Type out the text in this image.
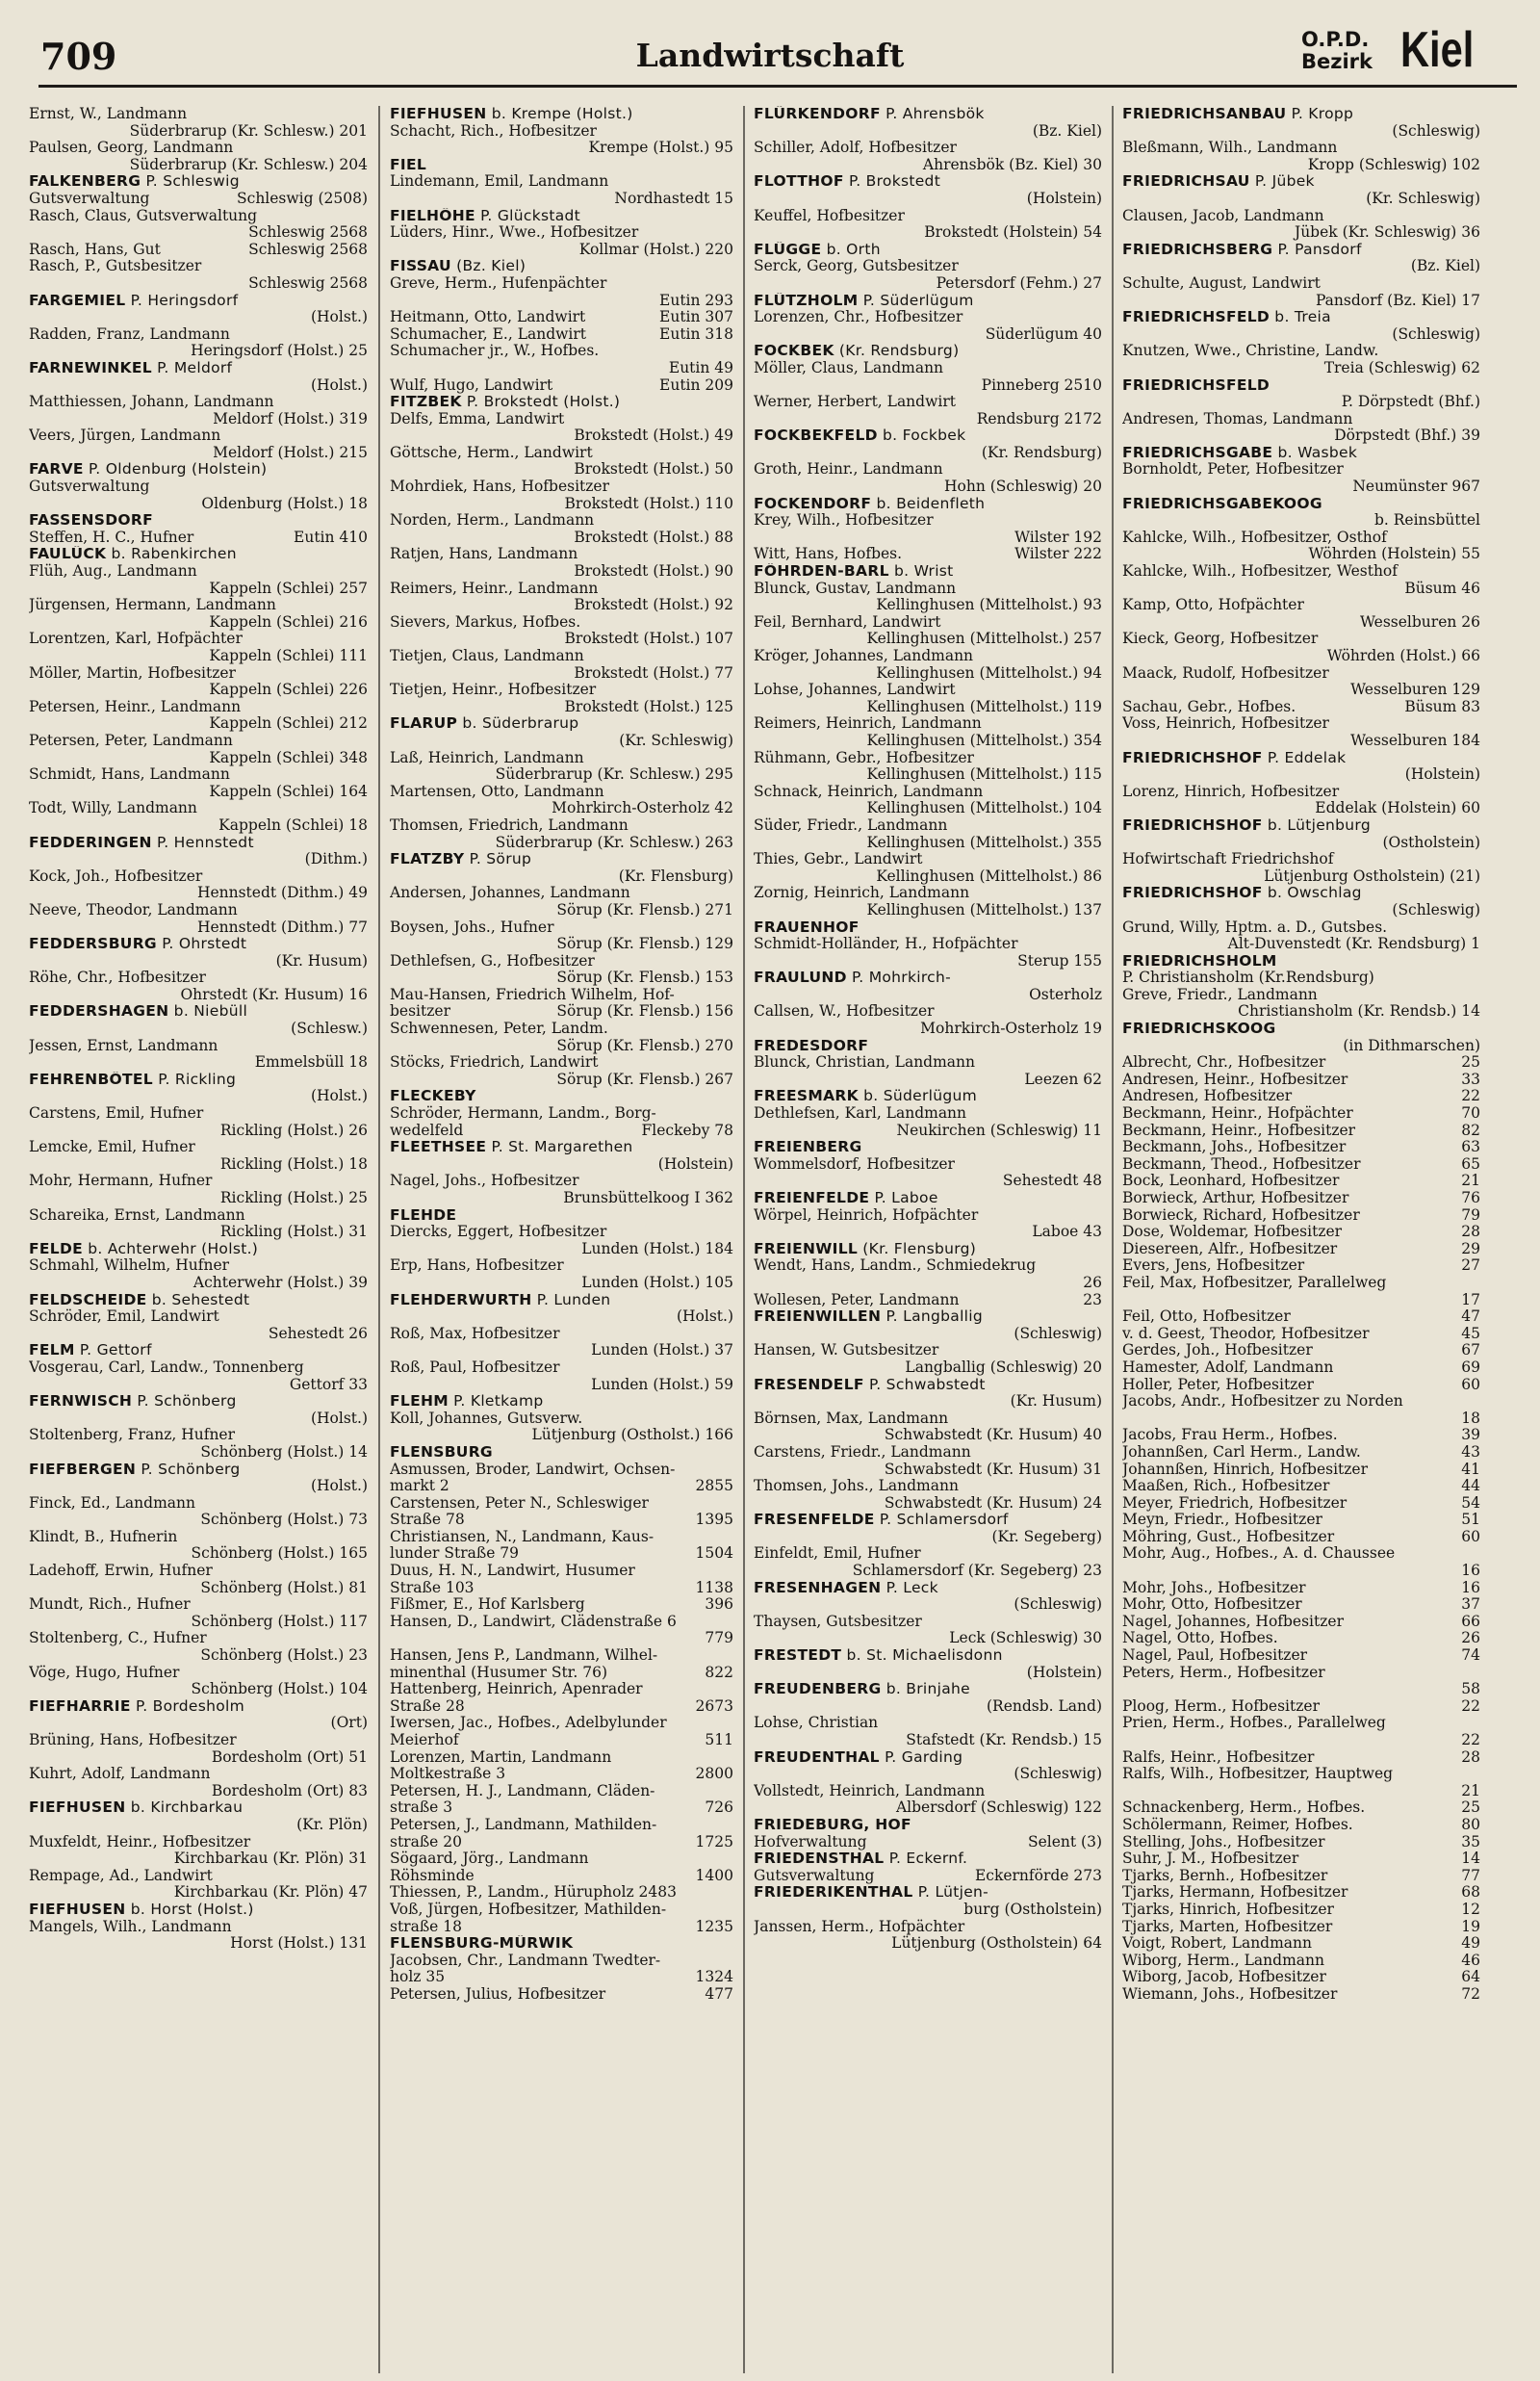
709	Landwirtschaft	O.P.D.
Bezirk Kiel
Ernst, W., Landmann
Süderbrarup (Kr. Schlesw.) 201
Paulsen, Georg, Landmann
Süderbrarup (Kr. Schlesw.) 204
FALKENBERG P. Schleswig
Gutsverwaltung	Schleswig (2508)
Rasch, Claus, Gutsverwaltung
Schleswig 2568
Rasch, Hans, Gut	Schleswig 2568
Rasch, P., Gutsbesitzer
Schleswig 2568
FARGEMIEL P. Heringsdorf
(Holst.)
Radden, Franz, Landmann
Heringsdorf (Holst.) 25
FARNEWINKEL P. Meldorf
(Holst.)
Matthiessen, Johann, Landmann
Meldorf (Holst.) 319
Veers, Jürgen, Landmann
Meldorf (Holst.) 215
FARVE P. Oldenburg (Holstein)
Gutsverwaltung
Oldenburg (Holst.) 18
FASSENSDORF
Steffen, H. C., Hufner	Eutin 410
FAULÜCK b. Rabenkirchen
Flüh, Aug., Landmann
Kappeln (Schlei) 257
Jürgensen, Hermann, Landmann
Kappeln (Schlei) 216
Lorentzen, Karl, Hofpächter
Kappeln (Schlei) 111
Möller, Martin, Hofbesitzer
Kappeln (Schlei) 226
Petersen, Heinr., Landmann
Kappeln (Schlei) 212
Petersen, Peter, Landmann
Kappeln (Schlei) 348
Schmidt, Hans, Landmann
Kappeln (Schlei) 164
Todt, Willy, Landmann
Kappeln (Schlei) 18
FEDDERINGEN P. Hennstedt
(Dithm.)
Kock, Joh., Hofbesitzer
Hennstedt (Dithm.) 49
Neeve, Theodor, Landmann
Hennstedt (Dithm.) 77
FEDDERSBURG P. Ohrstedt
(Kr. Husum)
Röhe, Chr., Hofbesitzer
Ohrstedt (Kr. Husum) 16
FEDDERSHAGEN b. Niebüll
(Schlesw.)
Jessen, Ernst, Landmann
Emmelsbüll 18
FEHRENBÖTEL P. Rickling
(Holst.)
Carstens, Emil, Hufner
Rickling (Holst.) 26
Lemcke, Emil, Hufner
Rickling (Holst.) 18
Mohr, Hermann, Hufner
Rickling (Holst.) 25
Schareika, Ernst, Landmann
Rickling (Holst.) 31
FELDE b. Achterwehr (Holst.)
Schmahl, Wilhelm, Hufner
Achterwehr (Holst.) 39
FELDSCHEIDE b. Sehestedt
Schröder, Emil, Landwirt
Sehestedt 26
FELM P. Gettorf
Vosgerau, Carl, Landw., Tonnenberg
Gettorf 33
FERNWISCH P. Schönberg
(Holst.)
Stoltenberg, Franz, Hufner
Schönberg (Holst.) 14
FIEFBERGEN P. Schönberg
(Holst.)
Finck, Ed., Landmann
Schönberg (Holst.) 73
Klindt, B., Hufnerin
Schönberg (Holst.) 165
Ladehoff, Erwin, Hufner
Schönberg (Holst.) 81
Mundt, Rich., Hufner
Schönberg (Holst.) 117
Stoltenberg, C., Hufner
Schönberg (Holst.) 23
Vöge, Hugo, Hufner
Schönberg (Holst.) 104
FIEFHARRIE P. Bordesholm
(Ort)
Brüning, Hans, Hofbesitzer
Bordesholm (Ort) 51
Kuhrt, Adolf, Landmann
Bordesholm (Ort) 83
FIEFHUSEN b. Kirchbarkau
(Kr. Plön)
Muxfeldt, Heinr., Hofbesitzer
Kirchbarkau (Kr. Plön) 31
Rempage, Ad., Landwirt
Kirchbarkau (Kr. Plön) 47
FIEFHUSEN b. Horst (Holst.)
Mangels, Wilh., Landmann
Horst (Holst.) 131
FIEFHUSEN b. Krempe (Holst.)
Schacht, Rich., Hofbesitzer
Krempe (Holst.) 95
FIEL
Lindemann, Emil, Landmann
Nordhastedt 15
FIELHÖHE P. Glückstadt
Lüders, Hinr., Wwe., Hofbesitzer
Kollmar (Holst.) 220
FISSAU (Bz. Kiel)
Greve, Herm., Hufenpächter
Eutin 293
Heitmann, Otto, Landwirt	Eutin 307
Schumacher, E., Landwirt	Eutin 318
Schumacher jr., W., Hofbes.
Eutin 49
Wulf, Hugo, Landwirt	Eutin 209
FITZBEK P. Brokstedt (Holst.)
Delfs, Emma, Landwirt
Brokstedt (Holst.) 49
Göttsche, Herm., Landwirt
Brokstedt (Holst.) 50
Mohrdiek, Hans, Hofbesitzer
Brokstedt (Holst.) 110
Norden, Herm., Landmann
Brokstedt (Holst.) 88
Ratjen, Hans, Landmann
Brokstedt (Holst.) 90
Reimers, Heinr., Landmann
Brokstedt (Holst.) 92
Sievers, Markus, Hofbes.
Brokstedt (Holst.) 107
Tietjen, Claus, Landmann
Brokstedt (Holst.) 77
Tietjen, Heinr., Hofbesitzer
Brokstedt (Holst.) 125
FLARUP b. Süderbrarup
(Kr. Schleswig)
Laß, Heinrich, Landmann
Süderbrarup (Kr. Schlesw.) 295
Martensen, Otto, Landmann
Mohrkirch-Osterholz 42
Thomsen, Friedrich, Landmann
Süderbrarup (Kr. Schlesw.) 263
FLATZBY P. Sörup
(Kr. Flensburg)
Andersen, Johannes, Landmann
Sörup (Kr. Flensb.) 271
Boysen, Johs., Hufner
Sörup (Kr. Flensb.) 129
Dethlefsen, G., Hofbesitzer
Sörup (Kr. Flensb.) 153
Mau-Hansen, Friedrich Wilhelm, Hof-
besitzer	Sörup (Kr. Flensb.) 156
Schwennesen, Peter, Landm.
Sörup (Kr. Flensb.) 270
Stöcks, Friedrich, Landwirt
Sörup (Kr. Flensb.) 267
FLECKEBY
Schröder, Hermann, Landm., Borg-
wedelfeld	Fleckeby 78
FLEETHSEE P. St. Margarethen
(Holstein)
Nagel, Johs., Hofbesitzer
Brunsbüttelkoog I 362
FLEHDE
Diercks, Eggert, Hofbesitzer
Lunden (Holst.) 184
Erp, Hans, Hofbesitzer
Lunden (Holst.) 105
FLEHDERWURTH P. Lunden
(Holst.)
Roß, Max, Hofbesitzer
Lunden (Holst.) 37
Roß, Paul, Hofbesitzer
Lunden (Holst.) 59
FLEHM P. Kletkamp
Koll, Johannes, Gutsverw.
Lütjenburg (Ostholst.) 166
FLENSBURG
Asmussen, Broder, Landwirt, Ochsen-
markt 2	2855
Carstensen, Peter N., Schleswiger
Straße 78	1395
Christiansen, N., Landmann, Kaus-
lunder Straße 79	1504
Duus, H. N., Landwirt, Husumer
Straße 103	1138
Fißmer, E., Hof Karlsberg	396
Hansen, D., Landwirt, Clädenstraße 6
779
Hansen, Jens P., Landmann, Wilhel-
minenthal (Husumer Str. 76)	822
Hattenberg, Heinrich, Apenrader
Straße 28	2673
Iwersen, Jac., Hofbes., Adelbylunder
Meierhof	511
Lorenzen, Martin, Landmann
Moltkestraße 3	2800
Petersen, H. J., Landmann, Cläden-
straße 3	726
Petersen, J., Landmann, Mathilden-
straße 20	1725
Sögaard, Jörg., Landmann
Röhsminde	1400
Thiessen, P., Landm., Hürupholz 2483
Voß, Jürgen, Hofbesitzer, Mathilden-
straße 18	1235
FLENSBURG-MÜRWIK
Jacobsen, Chr., Landmann Twedter-
holz 35	1324
Petersen, Julius, Hofbesitzer	477
FLÜRKENDORF P. Ahrensbök
(Bz. Kiel)
Schiller, Adolf, Hofbesitzer
Ahrensbök (Bz. Kiel) 30
FLOTTHOF P. Brokstedt
(Holstein)
Keuffel, Hofbesitzer
Brokstedt (Holstein) 54
FLÜGGE b. Orth
Serck, Georg, Gutsbesitzer
Petersdorf (Fehm.) 27
FLÜTZHOLM P. Süderlügum
Lorenzen, Chr., Hofbesitzer
Süderlügum 40
FOCKBEK (Kr. Rendsburg)
Möller, Claus, Landmann
Pinneberg 2510
Werner, Herbert, Landwirt
Rendsburg 2172
FOCKBEKFELD b. Fockbek
(Kr. Rendsburg)
Groth, Heinr., Landmann
Hohn (Schleswig) 20
FOCKENDORF b. Beidenfleth
Krey, Wilh., Hofbesitzer
Wilster 192
Witt, Hans, Hofbes.	Wilster 222
FÖHRDEN-BARL b. Wrist
Blunck, Gustav, Landmann
Kellinghusen (Mittelholst.) 93
Feil, Bernhard, Landwirt
Kellinghusen (Mittelholst.) 257
Kröger, Johannes, Landmann
Kellinghusen (Mittelholst.) 94
Lohse, Johannes, Landwirt
Kellinghusen (Mittelholst.) 119
Reimers, Heinrich, Landmann
Kellinghusen (Mittelholst.) 354
Rühmann, Gebr., Hofbesitzer
Kellinghusen (Mittelholst.) 115
Schnack, Heinrich, Landmann
Kellinghusen (Mittelholst.) 104
Süder, Friedr., Landmann
Kellinghusen (Mittelholst.) 355
Thies, Gebr., Landwirt
Kellinghusen (Mittelholst.) 86
Zornig, Heinrich, Landmann
Kellinghusen (Mittelholst.) 137
FRAUENHOF
Schmidt-Holländer, H., Hofpächter
Sterup 155
FRAULUND P. Mohrkirch-
Osterholz
Callsen, W., Hofbesitzer
Mohrkirch-Osterholz 19
FREDESDORF
Blunck, Christian, Landmann
Leezen 62
FREESMARK b. Süderlügum
Dethlefsen, Karl, Landmann
Neukirchen (Schleswig) 11
FREIENBERG
Wommelsdorf, Hofbesitzer
Sehestedt 48
FREIENFELDE P. Laboe
Wörpel, Heinrich, Hofpächter
Laboe 43
FREIENWILL (Kr. Flensburg)
Wendt, Hans, Landm., Schmiedekrug
26
Wollesen, Peter, Landmann	23
FREIENWILLEN P. Langballig
(Schleswig)
Hansen, W. Gutsbesitzer
Langballig (Schleswig) 20
FRESENDELF P. Schwabstedt
(Kr. Husum)
Börnsen, Max, Landmann
Schwabstedt (Kr. Husum) 40
Carstens, Friedr., Landmann
Schwabstedt (Kr. Husum) 31
Thomsen, Johs., Landmann
Schwabstedt (Kr. Husum) 24
FRESENFELDE P. Schlamersdorf
(Kr. Segeberg)
Einfeldt, Emil, Hufner
Schlamersdorf (Kr. Segeberg) 23
FRESENHAGEN P. Leck
(Schleswig)
Thaysen, Gutsbesitzer
Leck (Schleswig) 30
FRESTEDT b. St. Michaelisdonn
(Holstein)
FREUDENBERG b. Brinjahe
(Rendsb. Land)
Lohse, Christian
Stafstedt (Kr. Rendsb.) 15
FREUDENTHAL P. Garding
(Schleswig)
Vollstedt, Heinrich, Landmann
Albersdorf (Schleswig) 122
FRIEDEBURG, HOF
Hofverwaltung	Selent (3)
FRIEDENSTHAL P. Eckernf.
Gutsverwaltung	Eckernförde 273
FRIEDERIKENTHAL P. Lütjen-
burg (Ostholstein)
Janssen, Herm., Hofpächter
Lütjenburg (Ostholstein) 64
FRIEDRICHSANBAU P. Kropp
(Schleswig)
Bleßmann, Wilh., Landmann
Kropp (Schleswig) 102
FRIEDRICHSAU P. Jübek
(Kr. Schleswig)
Clausen, Jacob, Landmann
Jübek (Kr. Schleswig) 36
FRIEDRICHSBERG P. Pansdorf
(Bz. Kiel)
Schulte, August, Landwirt
Pansdorf (Bz. Kiel) 17
FRIEDRICHSFELD b. Treia
(Schleswig)
Knutzen, Wwe., Christine, Landw.
Treia (Schleswig) 62
FRIEDRICHSFELD
P. Dörpstedt (Bhf.)
Andresen, Thomas, Landmann
Dörpstedt (Bhf.) 39
FRIEDRICHSGABE b. Wasbek
Bornholdt, Peter, Hofbesitzer
Neumünster 967
FRIEDRICHSGABEKOOG
b. Reinsbüttel
Kahlcke, Wilh., Hofbesitzer, Osthof
Wöhrden (Holstein) 55
Kahlcke, Wilh., Hofbesitzer, Westhof
Büsum 46
Kamp, Otto, Hofpächter
Wesselburen 26
Kieck, Georg, Hofbesitzer
Wöhrden (Holst.) 66
Maack, Rudolf, Hofbesitzer
Wesselburen 129
Sachau, Gebr., Hofbes.	Büsum 83
Voss, Heinrich, Hofbesitzer
Wesselburen 184
FRIEDRICHSHOF P. Eddelak
(Holstein)
Lorenz, Hinrich, Hofbesitzer
Eddelak (Holstein) 60
FRIEDRICHSHOF b. Lütjenburg
(Ostholstein)
Hofwirtschaft Friedrichshof
Lütjenburg Ostholstein) (21)
FRIEDRICHSHOF b. Owschlag
(Schleswig)
Grund, Willy, Hptm. a. D., Gutsbes.
Alt-Duvenstedt (Kr. Rendsburg) 1
FRIEDRICHSHOLM
P. Christiansholm (Kr.Rendsburg)
Greve, Friedr., Landmann
Christiansholm (Kr. Rendsb.) 14
FRIEDRICHSKOOG
(in Dithmarschen)
Albrecht, Chr., Hofbesitzer	25
Andresen, Heinr., Hofbesitzer	33
Andresen, Hofbesitzer	22
Beckmann, Heinr., Hofpächter	70
Beckmann, Heinr., Hofbesitzer	82
Beckmann, Johs., Hofbesitzer	63
Beckmann, Theod., Hofbesitzer	65
Bock, Leonhard, Hofbesitzer	21
Borwieck, Arthur, Hofbesitzer	76
Borwieck, Richard, Hofbesitzer	79
Dose, Woldemar, Hofbesitzer	28
Diesereen, Alfr., Hofbesitzer	29
Evers, Jens, Hofbesitzer	27
Feil, Max, Hofbesitzer, Parallelweg
17
Feil, Otto, Hofbesitzer	47
v. d. Geest, Theodor, Hofbesitzer	45
Gerdes, Joh., Hofbesitzer	67
Hamester, Adolf, Landmann	69
Holler, Peter, Hofbesitzer	60
Jacobs, Andr., Hofbesitzer zu Norden
18
Jacobs, Frau Herm., Hofbes.	39
Johannßen, Carl Herm., Landw.	43
Johannßen, Hinrich, Hofbesitzer	41
Maaßen, Rich., Hofbesitzer	44
Meyer, Friedrich, Hofbesitzer	54
Meyn, Friedr., Hofbesitzer	51
Möhring, Gust., Hofbesitzer	60
Mohr, Aug., Hofbes., A. d. Chaussee
16
Mohr, Johs., Hofbesitzer	16
Mohr, Otto, Hofbesitzer	37
Nagel, Johannes, Hofbesitzer	66
Nagel, Otto, Hofbes.	26
Nagel, Paul, Hofbesitzer	74
Peters, Herm., Hofbesitzer
58
Ploog, Herm., Hofbesitzer	22
Prien, Herm., Hofbes., Parallelweg
22
Ralfs, Heinr., Hofbesitzer	28
Ralfs, Wilh., Hofbesitzer, Hauptweg
21
Schnackenberg, Herm., Hofbes.	25
Schölermann, Reimer, Hofbes.	80
Stelling, Johs., Hofbesitzer	35
Suhr, J. M., Hofbesitzer	14
Tjarks, Bernh., Hofbesitzer	77
Tjarks, Hermann, Hofbesitzer	68
Tjarks, Hinrich, Hofbesitzer	12
Tjarks, Marten, Hofbesitzer	19
Voigt, Robert, Landmann	49
Wiborg, Herm., Landmann	46
Wiborg, Jacob, Hofbesitzer	64
Wiemann, Johs., Hofbesitzer	72
